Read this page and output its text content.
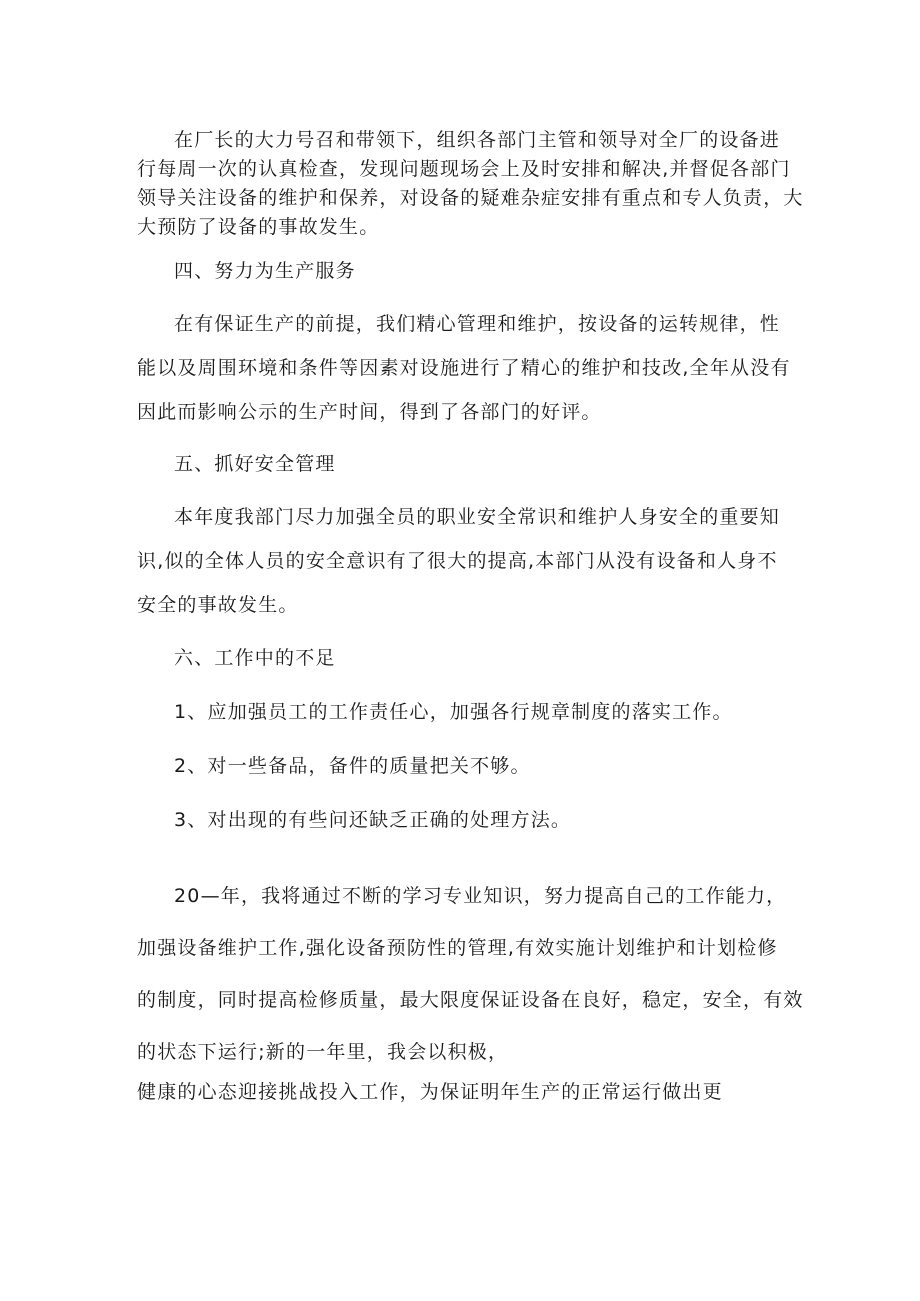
在厂长的大力号召和带领下，组织各部门主管和领导对全厂的设备进
行每周一次的认真检查，发现问题现场会上及时安排和解决,并督促各部门
领导关注设备的维护和保养，对设备的疑难杂症安排有重点和专人负责，大
大预防了设备的事故发生。

四、努力为生产服务

在有保证生产的前提，我们精心管理和维护，按设备的运转规律，性
能以及周围环境和条件等因素对设施进行了精心的维护和技改,全年从没有
因此而影响公示的生产时间，得到了各部门的好评。

五、抓好安全管理

本年度我部门尽力加强全员的职业安全常识和维护人身安全的重要知
识,似的全体人员的安全意识有了很大的提高,本部门从没有设备和人身不
安全的事故发生。

六、工作中的不足

1、应加强员工的工作责任心，加强各行规章制度的落实工作。

2、对一些备品，备件的质量把关不够。

3、对出现的有些问还缺乏正确的处理方法。

20—年，我将通过不断的学习专业知识，努力提高自己的工作能力，
加强设备维护工作,强化设备预防性的管理,有效实施计划维护和计划检修
的制度，同时提高检修质量，最大限度保证设备在良好，稳定，安全，有效
的状态下运行;新的一年里，我会以积极，

健康的心态迎接挑战投入工作，为保证明年生产的正常运行做出更
